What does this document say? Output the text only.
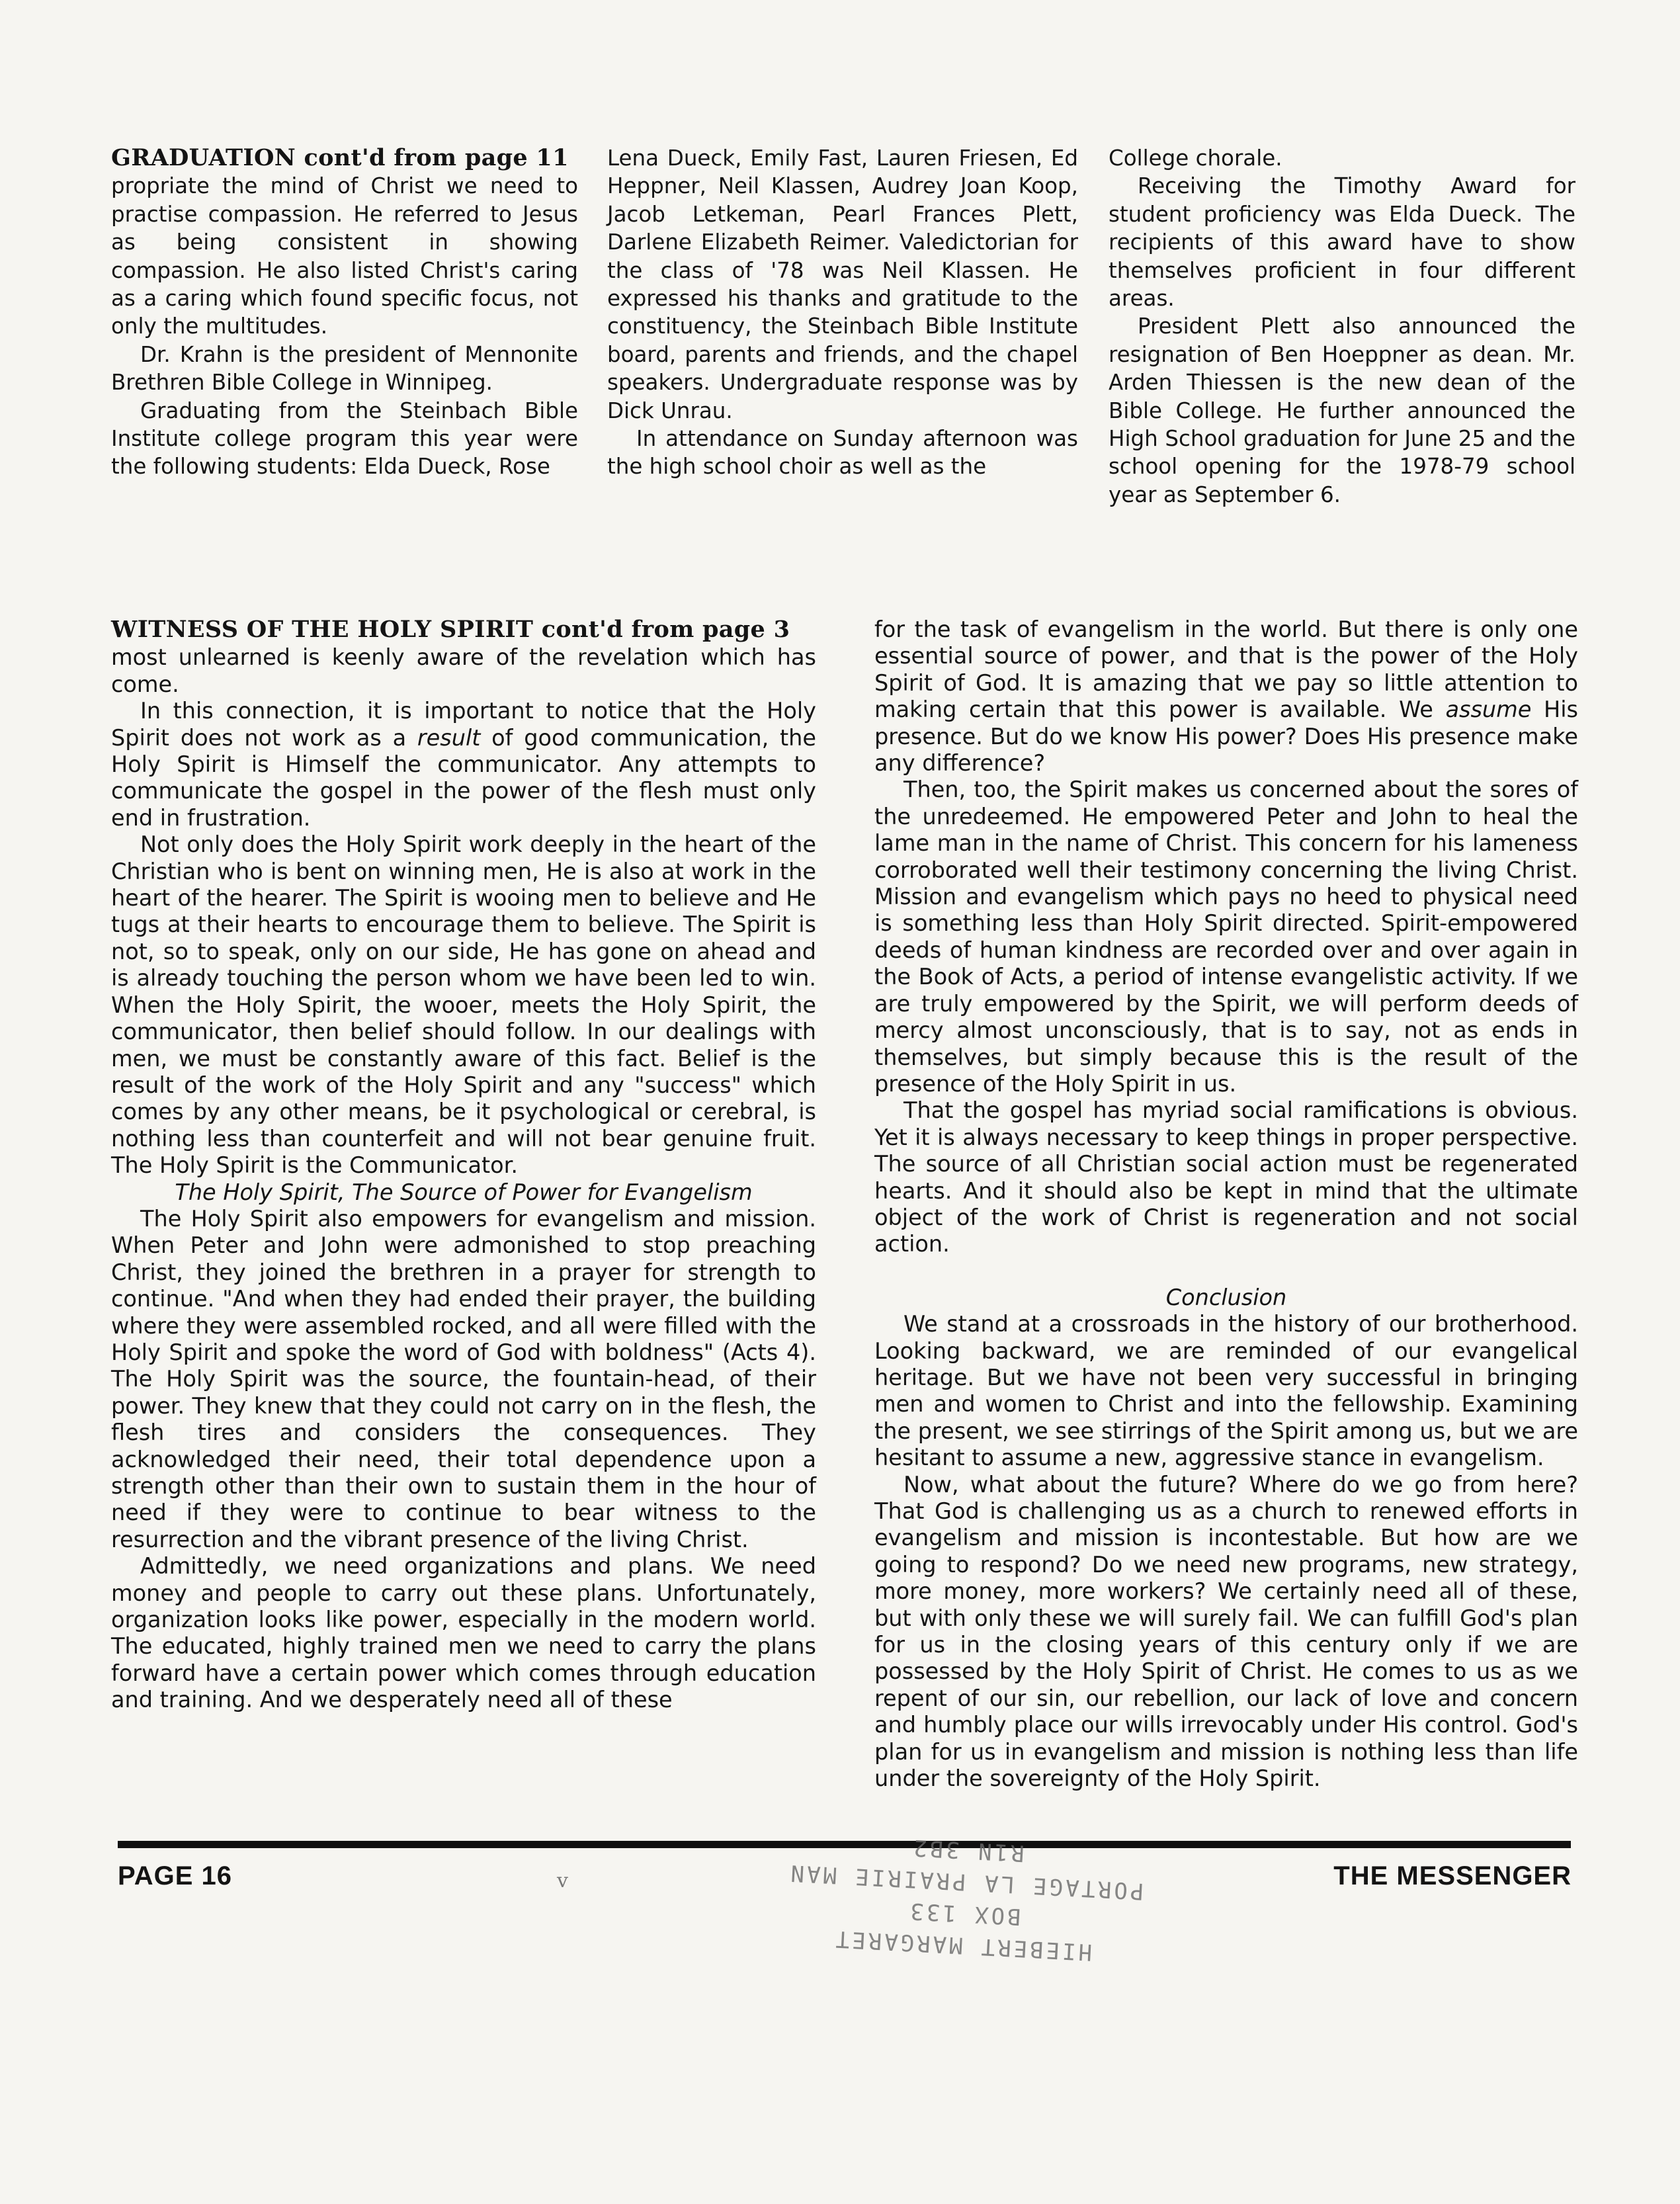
GRADUATION cont'd from page 11

propriate the mind of Christ we need to practise compassion. He referred to Jesus as being consistent in showing compassion. He also listed Christ's caring as a caring which found specific focus, not only the multitudes.

Dr. Krahn is the president of Mennonite Brethren Bible College in Winnipeg.

Graduating from the Steinbach Bible Institute college program this year were the following students: Elda Dueck, Rose

Lena Dueck, Emily Fast, Lauren Friesen, Ed Heppner, Neil Klassen, Audrey Joan Koop, Jacob Letkeman, Pearl Frances Plett, Darlene Elizabeth Reimer. Valedictorian for the class of '78 was Neil Klassen. He expressed his thanks and gratitude to the constituency, the Steinbach Bible Institute board, parents and friends, and the chapel speakers. Undergraduate response was by Dick Unrau.

In attendance on Sunday afternoon was the high school choir as well as the

College chorale.

Receiving the Timothy Award for student proficiency was Elda Dueck. The recipients of this award have to show themselves proficient in four different areas.

President Plett also announced the resignation of Ben Hoeppner as dean. Mr. Arden Thiessen is the new dean of the Bible College. He further announced the High School graduation for June 25 and the school opening for the 1978-79 school year as September 6.

WITNESS OF THE HOLY SPIRIT cont'd from page 3

most unlearned is keenly aware of the revelation which has come.

In this connection, it is important to notice that the Holy Spirit does not work as a result of good communication, the Holy Spirit is Himself the communicator. Any attempts to communicate the gospel in the power of the flesh must only end in frustration.

Not only does the Holy Spirit work deeply in the heart of the Christian who is bent on winning men, He is also at work in the heart of the hearer. The Spirit is wooing men to believe and He tugs at their hearts to encourage them to believe. The Spirit is not, so to speak, only on our side, He has gone on ahead and is already touching the person whom we have been led to win. When the Holy Spirit, the wooer, meets the Holy Spirit, the communicator, then belief should follow. In our dealings with men, we must be constantly aware of this fact. Belief is the result of the work of the Holy Spirit and any "success" which comes by any other means, be it psychological or cerebral, is nothing less than counterfeit and will not bear genuine fruit. The Holy Spirit is the Communicator.

The Holy Spirit, The Source of Power for Evangelism

The Holy Spirit also empowers for evangelism and mission. When Peter and John were admonished to stop preaching Christ, they joined the brethren in a prayer for strength to continue. "And when they had ended their prayer, the building where they were assembled rocked, and all were filled with the Holy Spirit and spoke the word of God with boldness" (Acts 4). The Holy Spirit was the source, the fountain-head, of their power. They knew that they could not carry on in the flesh, the flesh tires and considers the consequences. They acknowledged their need, their total dependence upon a strength other than their own to sustain them in the hour of need if they were to continue to bear witness to the resurrection and the vibrant presence of the living Christ.

Admittedly, we need organizations and plans. We need money and people to carry out these plans. Unfortunately, organization looks like power, especially in the modern world. The educated, highly trained men we need to carry the plans forward have a certain power which comes through education and training. And we desperately need all of these

for the task of evangelism in the world. But there is only one essential source of power, and that is the power of the Holy Spirit of God. It is amazing that we pay so little attention to making certain that this power is available. We assume His presence. But do we know His power? Does His presence make any difference?

Then, too, the Spirit makes us concerned about the sores of the unredeemed. He empowered Peter and John to heal the lame man in the name of Christ. This concern for his lameness corroborated well their testimony concerning the living Christ. Mission and evangelism which pays no heed to physical need is something less than Holy Spirit directed. Spirit-empowered deeds of human kindness are recorded over and over again in the Book of Acts, a period of intense evangelistic activity. If we are truly empowered by the Spirit, we will perform deeds of mercy almost unconsciously, that is to say, not as ends in themselves, but simply because this is the result of the presence of the Holy Spirit in us.

That the gospel has myriad social ramifications is obvious. Yet it is always necessary to keep things in proper perspective. The source of all Christian social action must be regenerated hearts. And it should also be kept in mind that the ultimate object of the work of Christ is regeneration and not social action.

Conclusion

We stand at a crossroads in the history of our brotherhood. Looking backward, we are reminded of our evangelical heritage. But we have not been very successful in bringing men and women to Christ and into the fellowship. Examining the present, we see stirrings of the Spirit among us, but we are hesitant to assume a new, aggressive stance in evangelism.

Now, what about the future? Where do we go from here? That God is challenging us as a church to renewed efforts in evangelism and mission is incontestable. But how are we going to respond? Do we need new programs, new strategy, more money, more workers? We certainly need all of these, but with only these we will surely fail. We can fulfill God's plan for us in the closing years of this century only if we are possessed by the Holy Spirit of Christ. He comes to us as we repent of our sin, our rebellion, our lack of love and concern and humbly place our wills irrevocably under His control. God's plan for us in evangelism and mission is nothing less than life under the sovereignty of the Holy Spirit.

PAGE 16	v	THE MESSENGER
HIEBERT MARGARET
BOX 133
PORTAGE LA PRAIRIE MAN
R1N 3B2
